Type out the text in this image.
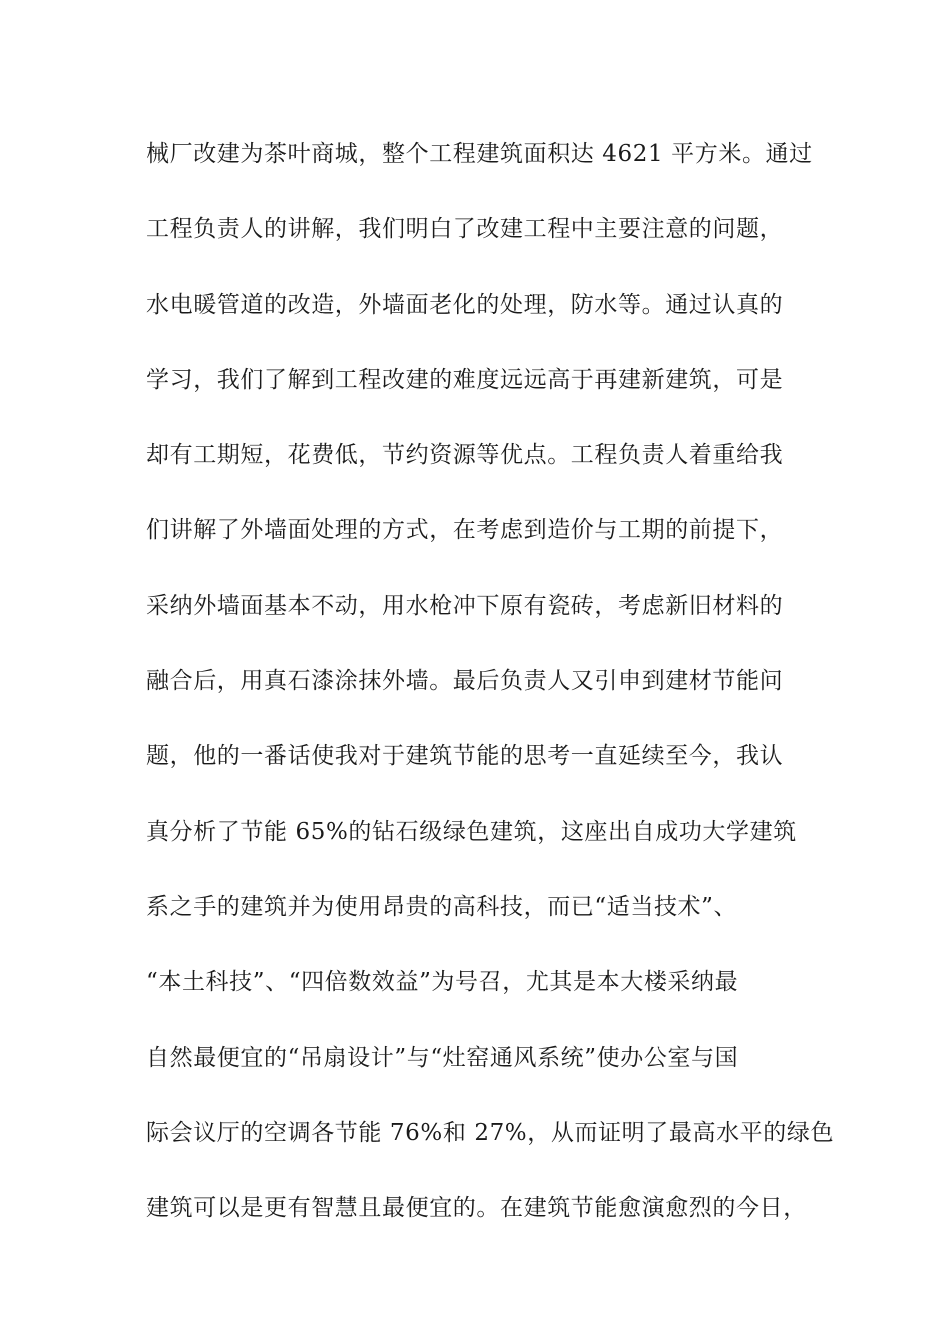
械厂改建为茶叶商城，整个工程建筑面积达 4621 平方米。通过
工程负责人的讲解，我们明白了改建工程中主要注意的问题，
水电暖管道的改造，外墙面老化的处理，防水等。通过认真的
学习，我们了解到工程改建的难度远远高于再建新建筑，可是
却有工期短，花费低，节约资源等优点。工程负责人着重给我
们讲解了外墙面处理的方式，在考虑到造价与工期的前提下，
采纳外墙面基本不动，用水枪冲下原有瓷砖，考虑新旧材料的
融合后，用真石漆涂抹外墙。最后负责人又引申到建材节能问
题，他的一番话使我对于建筑节能的思考一直延续至今，我认
真分析了节能 65%的钻石级绿色建筑，这座出自成功大学建筑
系之手的建筑并为使用昂贵的高科技，而已“适当技术”、
“本土科技”、“四倍数效益”为号召，尤其是本大楼采纳最
自然最便宜的“吊扇设计”与“灶窑通风系统”使办公室与国
际会议厅的空调各节能 76%和 27%，从而证明了最高水平的绿色
建筑可以是更有智慧且最便宜的。在建筑节能愈演愈烈的今日，
